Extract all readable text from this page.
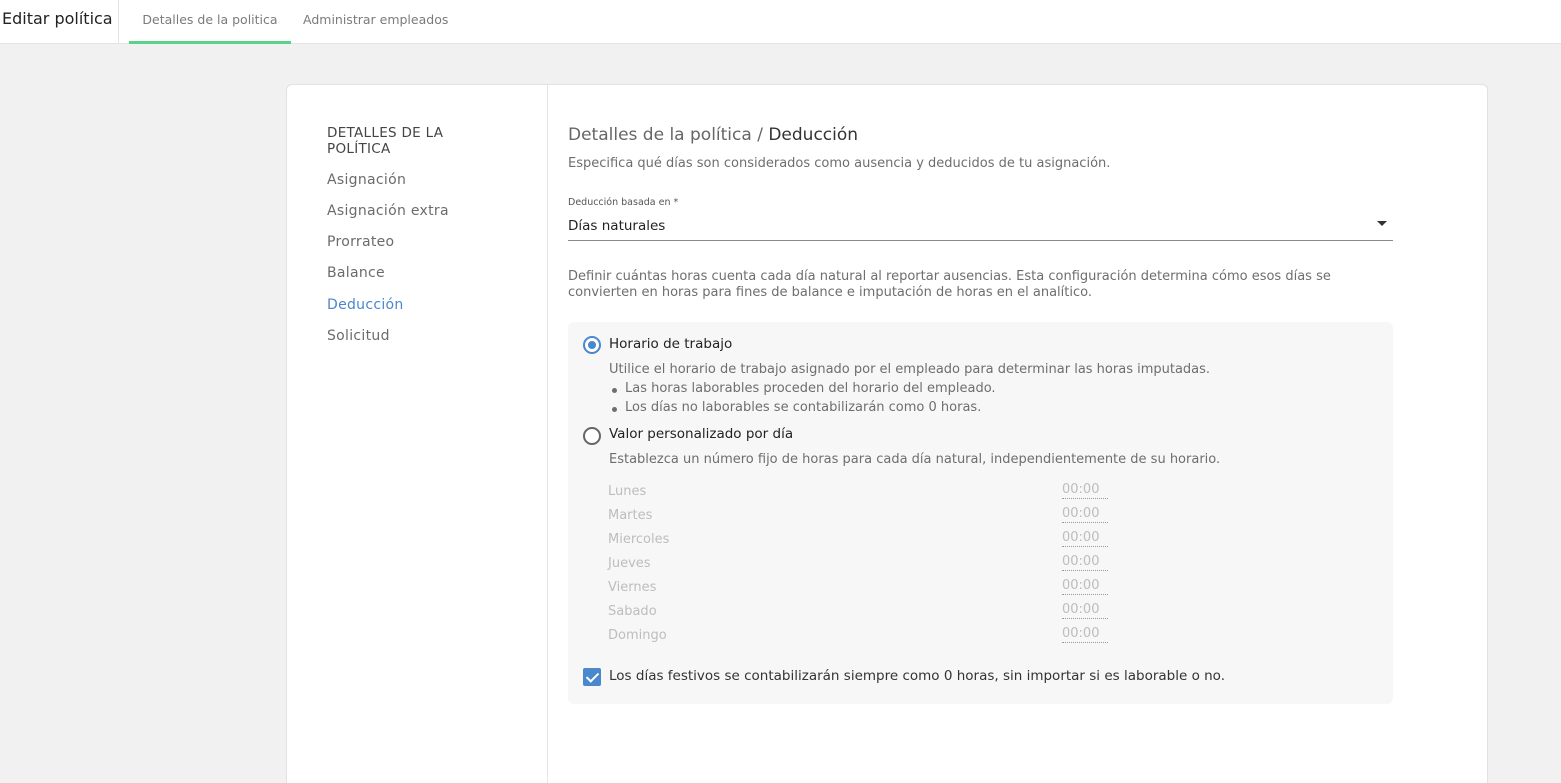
Editar política	Detalles de la politica	Administrar empleados
DETALLES DE LA POLÍTICA
Asignación
Asignación extra
Prorrateo
Balance
Deducción
Solicitud
Detalles de la política / Deducción
Especifica qué días son considerados como ausencia y deducidos de tu asignación.
Deducción basada en *
Días naturales
Definir cuántas horas cuenta cada día natural al reportar ausencias. Esta configuración determina cómo esos días se convierten en horas para fines de balance e imputación de horas en el analítico.
Horario de trabajo
Utilice el horario de trabajo asignado por el empleado para determinar las horas imputadas.
Las horas laborables proceden del horario del empleado.
Los días no laborables se contabilizarán como 0 horas.
Valor personalizado por día
Establezca un número fijo de horas para cada día natural, independientemente de su horario.
Lunes	00:00
Martes	00:00
Miercoles	00:00
Jueves	00:00
Viernes	00:00
Sabado	00:00
Domingo	00:00
Los días festivos se contabilizarán siempre como 0 horas, sin importar si es laborable o no.
